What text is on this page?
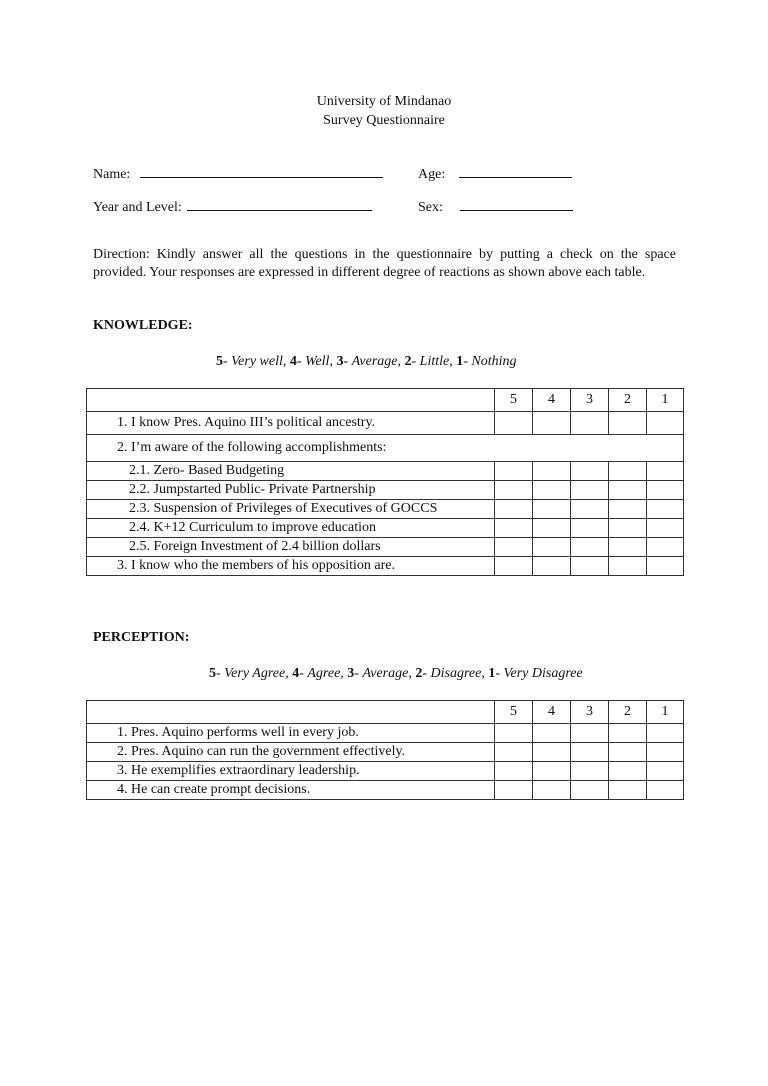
University of Mindanao
Survey Questionnaire
Name:	Age:
Year and Level:	Sex:
Direction: Kindly answer all the questions in the questionnaire by putting a check on the space provided. Your responses are expressed in different degree of reactions as shown above each table.
KNOWLEDGE:
5- Very well, 4- Well, 3- Average, 2- Little, 1- Nothing
	5	4	3	2	1
1. I know Pres. Aquino III’s political ancestry.					
2. I’m aware of the following accomplishments:					
2.1. Zero- Based Budgeting					
2.2. Jumpstarted Public- Private Partnership					
2.3. Suspension of Privileges of Executives of GOCCS					
2.4. K+12 Curriculum to improve education					
2.5. Foreign Investment of 2.4 billion dollars					
3. I know who the members of his opposition are.					
PERCEPTION:
5- Very Agree, 4- Agree, 3- Average, 2- Disagree, 1- Very Disagree
	5	4	3	2	1
1. Pres. Aquino performs well in every job.					
2. Pres. Aquino can run the government effectively.					
3. He exemplifies extraordinary leadership.					
4. He can create prompt decisions.					
